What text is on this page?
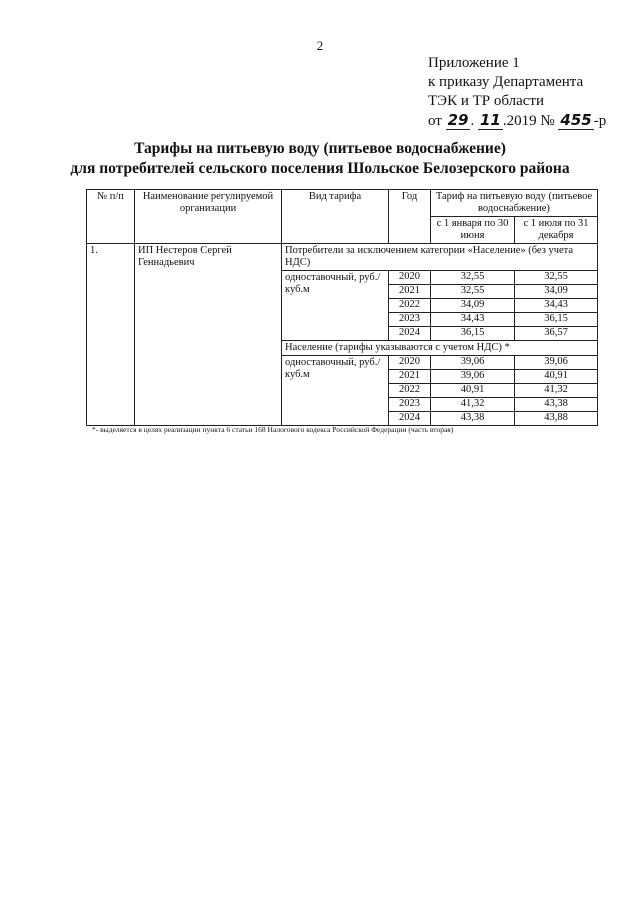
2
Приложение 1
к приказу Департамента
ТЭК и ТР области
от 29 . 11 .2019 № 455 -р
Тарифы на питьевую воду (питьевое водоснабжение)
для потребителей сельского поселения Шольское Белозерского района
№ п/п	Наименование регулируемой организации	Вид тарифа	Год	Тариф на питьевую воду (питьевое водоснабжение)	
				с 1 января по 30 июня	с 1 июля по 31 декабря
1.	ИП Нестеров Сергей Геннадьевич	Потребители за исключением категории «Население» (без учета НДС)			
		одноставочный, руб./куб.м	2020	32,55	32,55
			2021	32,55	34,09
			2022	34,09	34,43
			2023	34,43	36,15
			2024	36,15	36,57
		Население (тарифы указываются с учетом НДС) *			
		одноставочный, руб./куб.м	2020	39,06	39,06
			2021	39,06	40,91
			2022	40,91	41,32
			2023	41,32	43,38
			2024	43,38	43,88
*- выделяется в целях реализации пункта 6 статьи 168 Налогового кодекса Российской Федерации (часть вторая)
